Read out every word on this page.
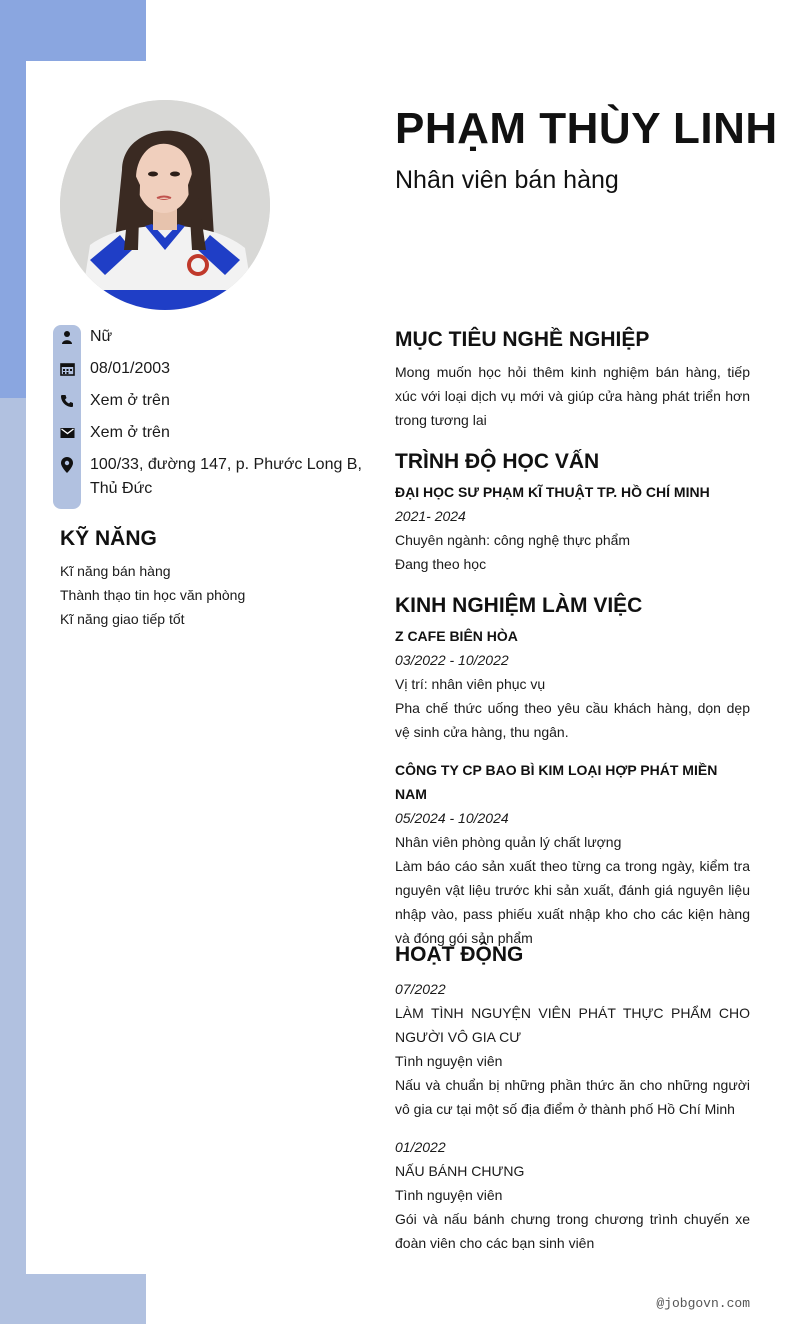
PHẠM THÙY LINH
Nhân viên bán hàng
Nữ
08/01/2003
Xem ở trên
Xem ở trên
100/33, đường 147, p. Phước Long B, Thủ Đức
KỸ NĂNG
Kĩ năng bán hàng
Thành thạo tin học văn phòng
Kĩ năng giao tiếp tốt
MỤC TIÊU NGHỀ NGHIỆP
Mong muốn học hỏi thêm kinh nghiệm bán hàng, tiếp xúc với loại dịch vụ mới và giúp cửa hàng phát triển hơn trong tương lai
TRÌNH ĐỘ HỌC VẤN
ĐẠI HỌC SƯ PHẠM KĨ THUẬT TP. HỒ CHÍ MINH
2021- 2024
Chuyên ngành: công nghệ thực phẩm
Đang theo học
KINH NGHIỆM LÀM VIỆC
Z CAFE BIÊN HÒA
03/2022 - 10/2022
Vị trí: nhân viên phục vụ
Pha chế thức uống theo yêu cầu khách hàng, dọn dẹp vệ sinh cửa hàng, thu ngân.
CÔNG TY CP BAO BÌ KIM LOẠI HỢP PHÁT MIỀN NAM
05/2024 - 10/2024
Nhân viên phòng quản lý chất lượng
Làm báo cáo sản xuất theo từng ca trong ngày, kiểm tra nguyên vật liệu trước khi sản xuất, đánh giá nguyên liệu nhập vào, pass phiếu xuất nhập kho cho các kiện hàng và đóng gói sản phẩm
HOẠT ĐỘNG
07/2022
LÀM TÌNH NGUYỆN VIÊN PHÁT THỰC PHẨM CHO NGƯỜI VÔ GIA CƯ
Tình nguyện viên
Nấu và chuẩn bị những phần thức ăn cho những người vô gia cư tại một số địa điểm ở thành phố Hồ Chí Minh
01/2022
NẤU BÁNH CHƯNG
Tình nguyện viên
Gói và nấu bánh chưng trong chương trình chuyến xe đoàn viên cho các bạn sinh viên
@jobgovn.com
